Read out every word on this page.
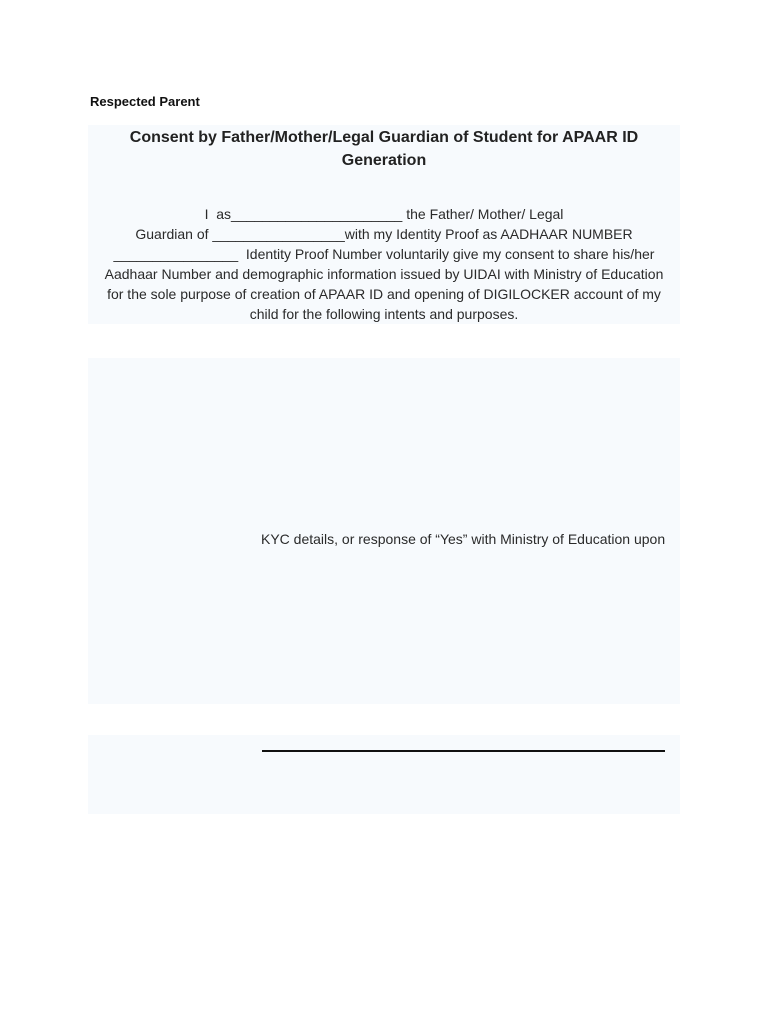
Respected Parent
Consent by Father/Mother/Legal Guardian of Student for APAAR ID
Generation
I  as______________________ the Father/ Mother/ Legal
Guardian of _________________with my Identity Proof as AADHAAR NUMBER
________________  Identity Proof Number voluntarily give my consent to share his/her
Aadhaar Number and demographic information issued by UIDAI with Ministry of Education
for the sole purpose of creation of APAAR ID and opening of DIGILOCKER account of my
child for the following intents and purposes.
KYC details, or response of “Yes” with Ministry of Education upon
